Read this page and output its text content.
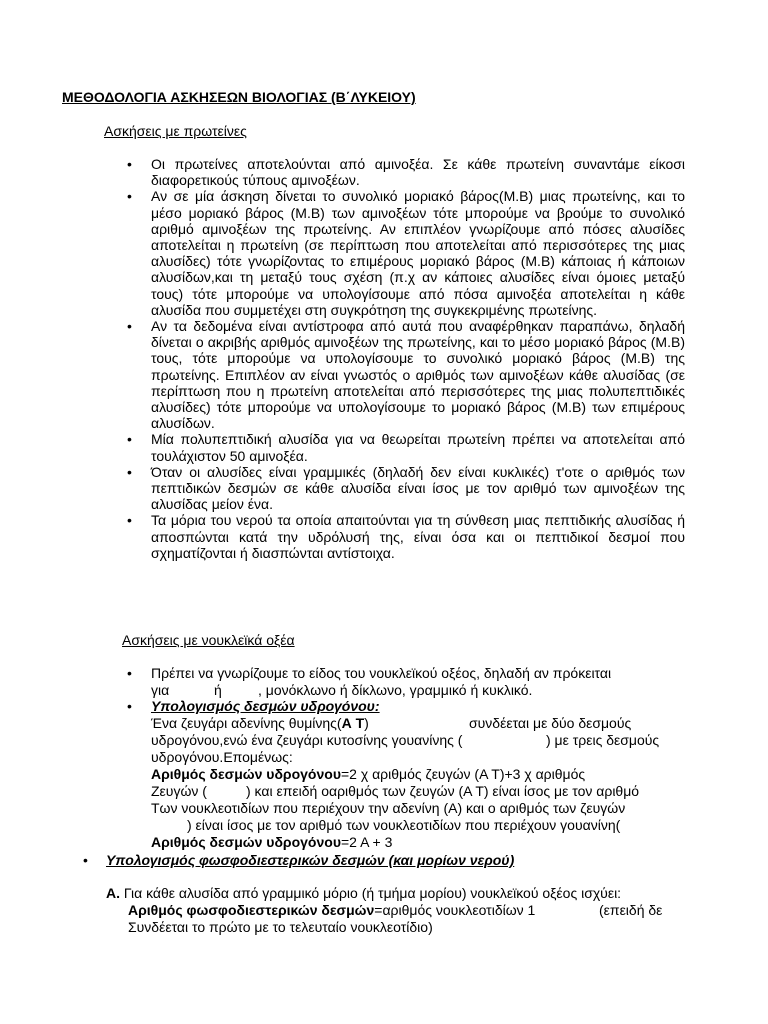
ΜΕΘΟΔΟΛΟΓΙΑ ΑΣΚΗΣΕΩΝ ΒΙΟΛΟΓΙΑΣ (Β΄ΛΥΚΕΙΟΥ)
Ασκήσεις με πρωτείνες
• Οι πρωτείνες αποτελούνται από αμινοξέα. Σε κάθε πρωτείνη συναντάμε είκοσι διαφορετικούς τύπους αμινοξέων.
• Αν σε μία άσκηση δίνεται το συνολικό μοριακό βάρος(Μ.Β) μιας πρωτείνης, και το μέσο μοριακό βάρος (Μ.Β) των αμινοξέων τότε μπορούμε να βρούμε το συνολικό αριθμό αμινοξέων της πρωτείνης. Αν επιπλέον γνωρίζουμε από πόσες αλυσίδες αποτελείται η πρωτείνη (σε περίπτωση που αποτελείται από περισσότερες της μιας αλυσίδες) τότε γνωρίζοντας το επιμέρους μοριακό βάρος (Μ.Β) κάποιας ή κάποιων αλυσίδων,και τη μεταξύ τους σχέση (π.χ αν κάποιες αλυσίδες είναι όμοιες μεταξύ τους) τότε μπορούμε να υπολογίσουμε από πόσα αμινοξέα αποτελείται η κάθε αλυσίδα που συμμετέχει στη συγκρότηση της συγκεκριμένης πρωτείνης.
• Αν τα δεδομένα είναι αντίστροφα από αυτά που αναφέρθηκαν παραπάνω, δηλαδή δίνεται ο ακριβής αριθμός αμινοξέων της πρωτείνης, και το μέσο μοριακό βάρος (Μ.Β) τους, τότε μπορούμε να υπολογίσουμε το συνολικό μοριακό βάρος (Μ.Β) της πρωτείνης. Επιπλέον αν είναι γνωστός ο αριθμός των αμινοξέων κάθε αλυσίδας (σε περίπτωση που η πρωτείνη αποτελείται από περισσότερες της μιας πολυπεπτιδικές αλυσίδες) τότε μπορούμε να υπολογίσουμε το μοριακό βάρος (Μ.Β) των επιμέρους αλυσίδων.
• Μία πολυπεπτιδική αλυσίδα για να θεωρείται πρωτείνη πρέπει να αποτελείται από τουλάχιστον 50 αμινοξέα.
• Όταν οι αλυσίδες είναι γραμμικές (δηλαδή δεν είναι κυκλικές) τ'οτε ο αριθμός των πεπτιδικών δεσμών σε κάθε αλυσίδα είναι ίσος με τον αριθμό των αμινοξέων της αλυσίδας μείον ένα.
• Τα μόρια του νερού τα οποία απαιτούνται για τη σύνθεση μιας πεπτιδικής αλυσίδας ή αποσπώνται κατά την υδρόλυσή της, είναι όσα και οι πεπτιδικοί δεσμοί που σχηματίζονται ή διασπώνται αντίστοιχα.
Ασκήσεις με νουκλεϊκά οξέα
• Πρέπει να γνωρίζουμε το είδος του νουκλεϊκού οξέος, δηλαδή αν πρόκειται
για	ή	, μονόκλωνο ή δίκλωνο, γραμμικό ή κυκλικό.
• Υπολογισμός δεσμών υδρογόνου:
Ένα ζευγάρι αδενίνης θυμίνης(Α Τ)	συνδέεται με δύο δεσμούς
υδρογόνου,ενώ ένα ζευγάρι κυτοσίνης γουανίνης (	) με τρεις δεσμούς
υδρογόνου.Επομένως:
Αριθμός δεσμών υδρογόνου=2 χ αριθμός ζευγών (Α Τ)+3 χ αριθμός
Ζευγών (	) και επειδή οαριθμός των ζευγών (Α Τ) είναι ίσος με τον αριθμό
Των νουκλεοτιδίων που περιέχουν την αδενίνη (Α) και ο αριθμός των ζευγών
) είναι ίσος με τον αριθμό των νουκλεοτιδίων που περιέχουν γουανίνη(
Αριθμός δεσμών υδρογόνου=2 Α + 3
• Υπολογισμός φωσφοδιεστερικών δεσμών (και μορίων νερού)
Α. Για κάθε αλυσίδα από γραμμικό μόριο (ή τμήμα μορίου) νουκλεϊκού οξέος ισχύει:
Αριθμός φωσφοδιεστερικών δεσμών=αριθμός νουκλεοτιδίων 1	(επειδή δε
Συνδέεται το πρώτο με το τελευταίο νουκλεοτίδιο)
